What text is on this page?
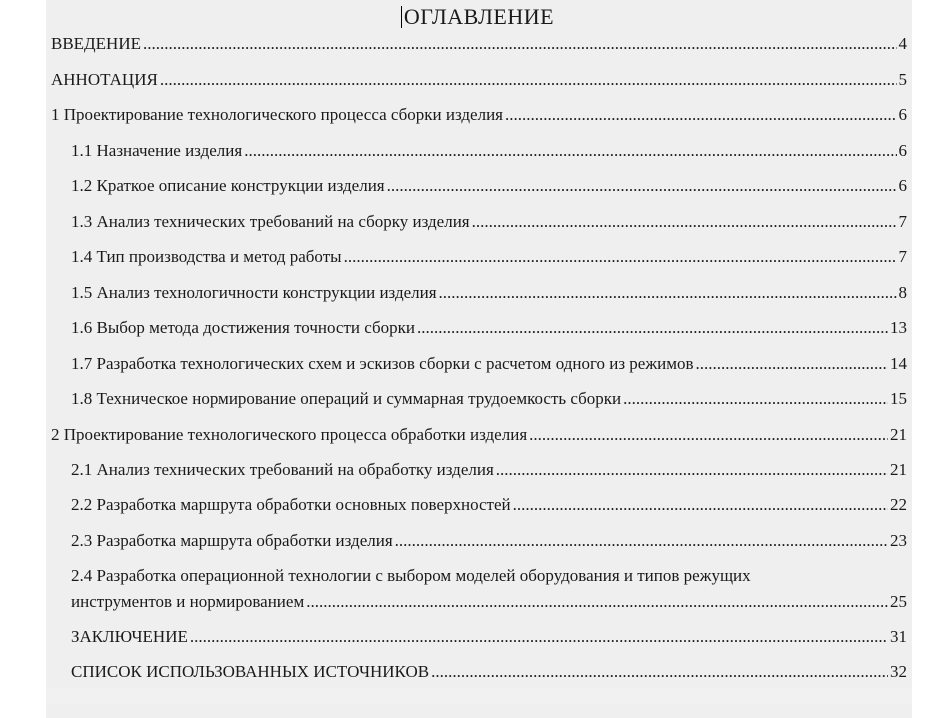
ОГЛАВЛЕНИЕ
ВВЕДЕНИЕ .....	4
АННОТАЦИЯ .....	5
1 Проектирование технологического процесса сборки изделия .....	6
1.1 Назначение изделия .....	6
1.2 Краткое описание конструкции изделия .....	6
1.3 Анализ технических требований на сборку изделия .....	7
1.4 Тип производства и метод работы .....	7
1.5 Анализ технологичности конструкции изделия .....	8
1.6 Выбор метода достижения точности сборки .....	13
1.7 Разработка технологических схем и эскизов сборки с расчетом одного из режимов .....	14
1.8 Техническое нормирование операций и суммарная трудоемкость сборки .....	15
2 Проектирование технологического процесса обработки изделия .....	21
2.1 Анализ технических требований на обработку изделия .....	21
2.2 Разработка маршрута обработки основных поверхностей .....	22
2.3 Разработка маршрута обработки изделия .....	23
2.4 Разработка операционной технологии с выбором моделей оборудования и типов режущих
инструментов и нормированием .....	25
ЗАКЛЮЧЕНИЕ .....	31
СПИСОК ИСПОЛЬЗОВАННЫХ ИСТОЧНИКОВ .....	32
